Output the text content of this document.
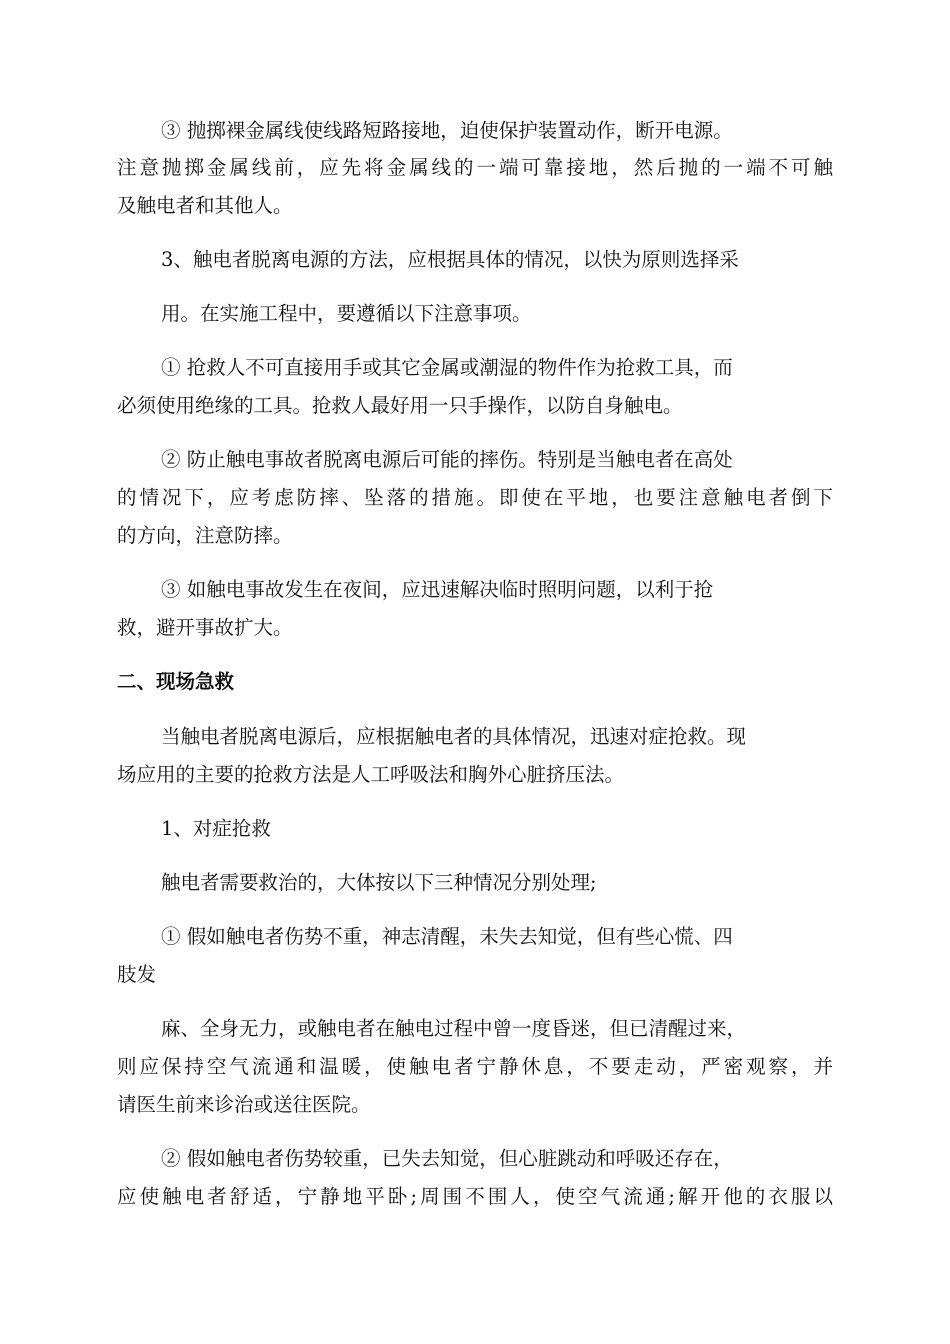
③ 抛掷裸金属线使线路短路接地，迫使保护装置动作，断开电源。
注意抛掷金属线前，应先将金属线的一端可靠接地，然后抛的一端不可触
及触电者和其他人。
3、触电者脱离电源的方法，应根据具体的情况，以快为原则选择采
用。在实施工程中，要遵循以下注意事项。
① 抢救人不可直接用手或其它金属或潮湿的物件作为抢救工具，而
必须使用绝缘的工具。抢救人最好用一只手操作，以防自身触电。
② 防止触电事故者脱离电源后可能的摔伤。特别是当触电者在高处
的情况下，应考虑防摔、坠落的措施。即使在平地，也要注意触电者倒下
的方向，注意防摔。
③ 如触电事故发生在夜间，应迅速解决临时照明问题，以利于抢
救，避开事故扩大。
二、现场急救
当触电者脱离电源后，应根据触电者的具体情况，迅速对症抢救。现
场应用的主要的抢救方法是人工呼吸法和胸外心脏挤压法。
1、对症抢救
触电者需要救治的，大体按以下三种情况分别处理;
① 假如触电者伤势不重，神志清醒，未失去知觉，但有些心慌、四
肢发
麻、全身无力，或触电者在触电过程中曾一度昏迷，但已清醒过来，
则应保持空气流通和温暖，使触电者宁静休息，不要走动，严密观察，并
请医生前来诊治或送往医院。
② 假如触电者伤势较重，已失去知觉，但心脏跳动和呼吸还存在，
应使触电者舒适，宁静地平卧;周围不围人，使空气流通;解开他的衣服以
